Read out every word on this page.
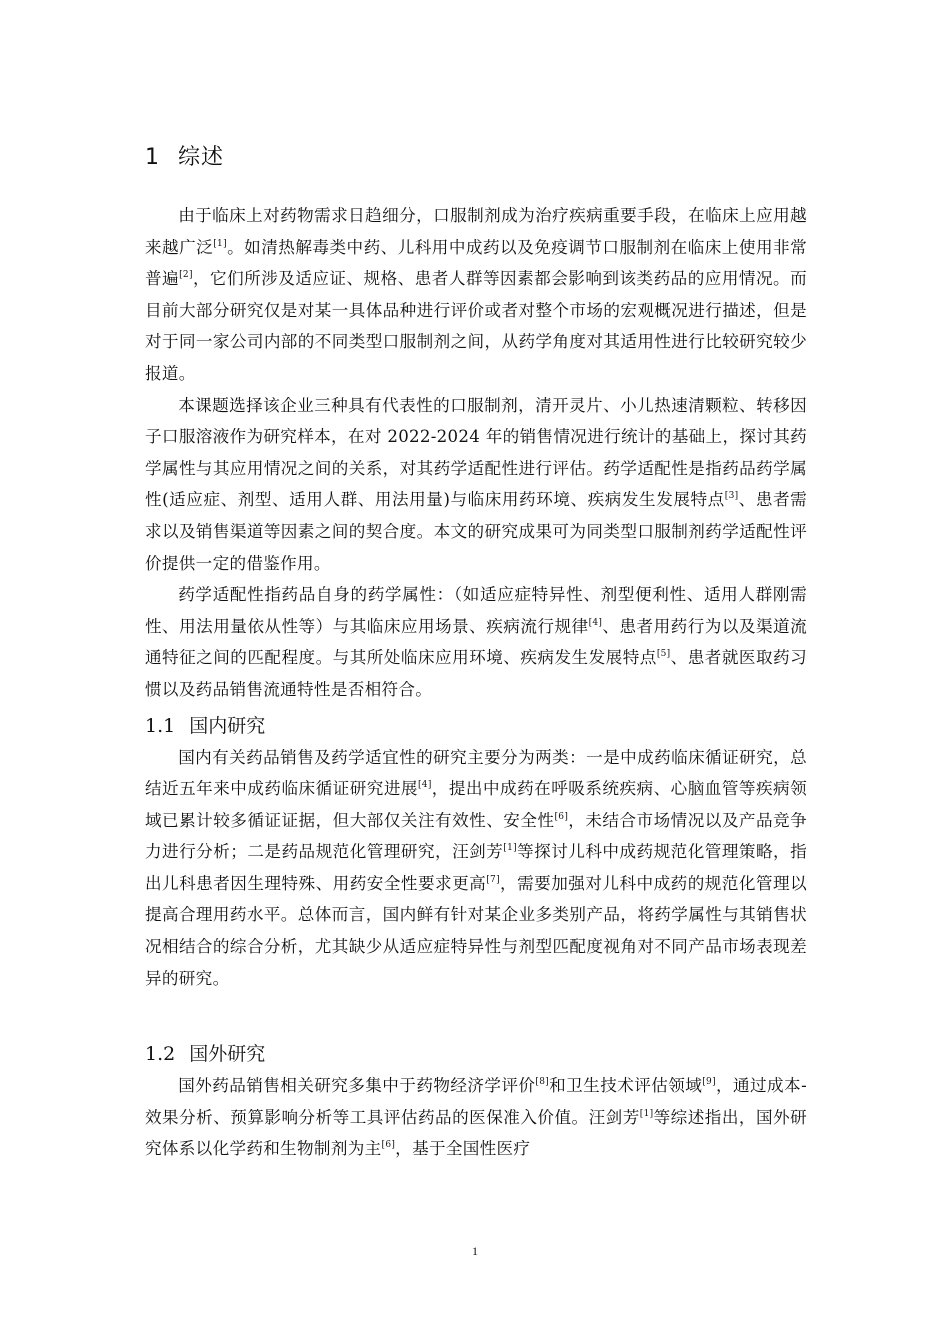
1 综述

由于临床上对药物需求日趋细分，口服制剂成为治疗疾病重要手段，在临床上应用越来越广泛[1]。如清热解毒类中药、儿科用中成药以及免疫调节口服制剂在临床上使用非常普遍[2]，它们所涉及适应证、规格、患者人群等因素都会影响到该类药品的应用情况。而目前大部分研究仅是对某一具体品种进行评价或者对整个市场的宏观概况进行描述，但是对于同一家公司内部的不同类型口服制剂之间，从药学角度对其适用性进行比较研究较少报道。

本课题选择该企业三种具有代表性的口服制剂，清开灵片、小儿热速清颗粒、转移因子口服溶液作为研究样本，在对 2022-2024 年的销售情况进行统计的基础上，探讨其药学属性与其应用情况之间的关系，对其药学适配性进行评估。药学适配性是指药品药学属性(适应症、剂型、适用人群、用法用量)与临床用药环境、疾病发生发展特点[3]、患者需求以及销售渠道等因素之间的契合度。本文的研究成果可为同类型口服制剂药学适配性评价提供一定的借鉴作用。

药学适配性指药品自身的药学属性：（如适应症特异性、剂型便利性、适用人群刚需性、用法用量依从性等）与其临床应用场景、疾病流行规律[4]、患者用药行为以及渠道流通特征之间的匹配程度。与其所处临床应用环境、疾病发生发展特点[5]、患者就医取药习惯以及药品销售流通特性是否相符合。

1.1 国内研究

国内有关药品销售及药学适宜性的研究主要分为两类：一是中成药临床循证研究，总结近五年来中成药临床循证研究进展[4]，提出中成药在呼吸系统疾病、心脑血管等疾病领域已累计较多循证证据，但大部仅关注有效性、安全性[6]，未结合市场情况以及产品竞争力进行分析；二是药品规范化管理研究，汪剑芳[1]等探讨儿科中成药规范化管理策略，指出儿科患者因生理特殊、用药安全性要求更高[7]，需要加强对儿科中成药的规范化管理以提高合理用药水平。总体而言，国内鲜有针对某企业多类别产品，将药学属性与其销售状况相结合的综合分析，尤其缺少从适应症特异性与剂型匹配度视角对不同产品市场表现差异的研究。

1.2 国外研究

国外药品销售相关研究多集中于药物经济学评价[8]和卫生技术评估领域[9]，通过成本-效果分析、预算影响分析等工具评估药品的医保准入价值。汪剑芳[1]等综述指出，国外研究体系以化学药和生物制剂为主[6]，基于全国性医疗

1
